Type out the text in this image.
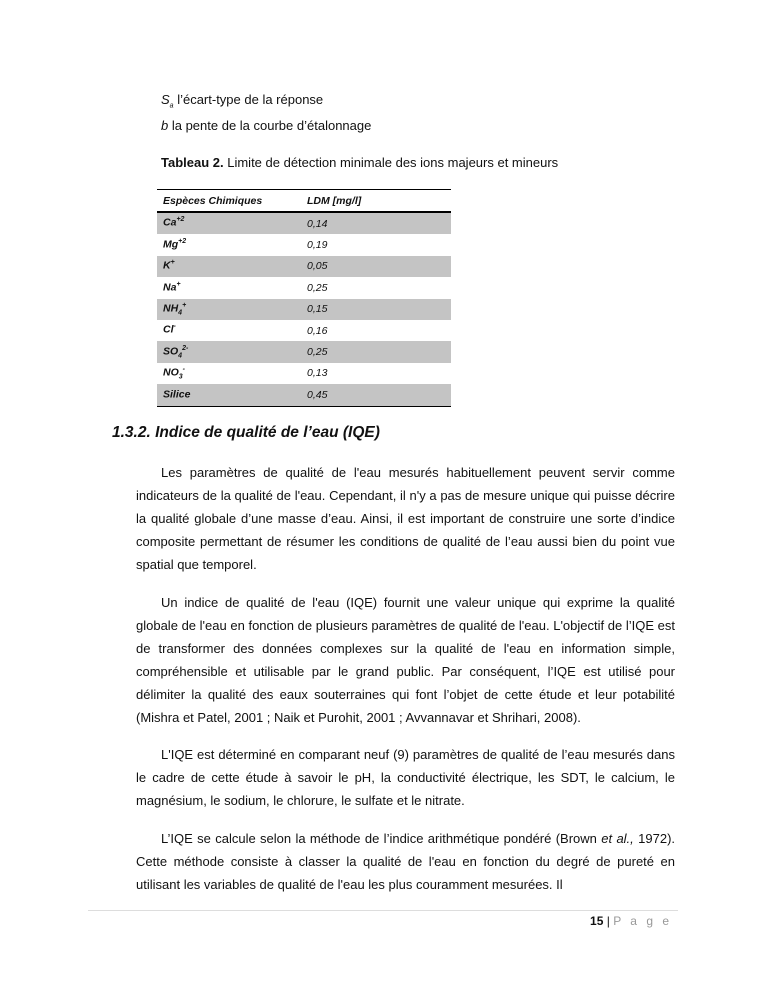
$S_a$ l’écart-type de la réponse
b la pente de la courbe d’étalonnage
Tableau 2. Limite de détection minimale des ions majeurs et mineurs
Espèces Chimiques	LDM [mg/l]
$Ca^{+2}$	0,14
$Mg^{+2}$	0,19
K+	0,05
Na+	0,25
$NH_4^+$	0,15
Cl-	0,16
$SO_4^{2-}$	0,25
$NO_3^-$	0,13
Silice	0,45
1.3.2. Indice de qualité de l’eau (IQE)

Les paramètres de qualité de l'eau mesurés habituellement peuvent servir comme indicateurs de la qualité de l'eau. Cependant, il n'y a pas de mesure unique qui puisse décrire la qualité globale d’une masse d’eau. Ainsi, il est important de construire une sorte d’indice composite permettant de résumer les conditions de qualité de l’eau aussi bien du point vue spatial que temporel.

Un indice de qualité de l'eau (IQE) fournit une valeur unique qui exprime la qualité globale de l'eau en fonction de plusieurs paramètres de qualité de l'eau. L'objectif de l’IQE est de transformer des données complexes sur la qualité de l'eau en information simple, compréhensible et utilisable par le grand public. Par conséquent, l’IQE est utilisé pour délimiter la qualité des eaux souterraines qui font l’objet de cette étude et leur potabilité (Mishra et Patel, 2001 ; Naik et Purohit, 2001 ; Avvannavar et Shrihari, 2008).

L'IQE est déterminé en comparant neuf (9) paramètres de qualité de l’eau mesurés dans le cadre de cette étude à savoir le pH, la conductivité électrique, les SDT, le calcium, le magnésium, le sodium, le chlorure, le sulfate et le nitrate.

L’IQE se calcule selon la méthode de l’indice arithmétique pondéré (Brown et al., 1972). Cette méthode consiste à classer la qualité de l'eau en fonction du degré de pureté en utilisant les variables de qualité de l'eau les plus couramment mesurées. Il

15 | P a g e
